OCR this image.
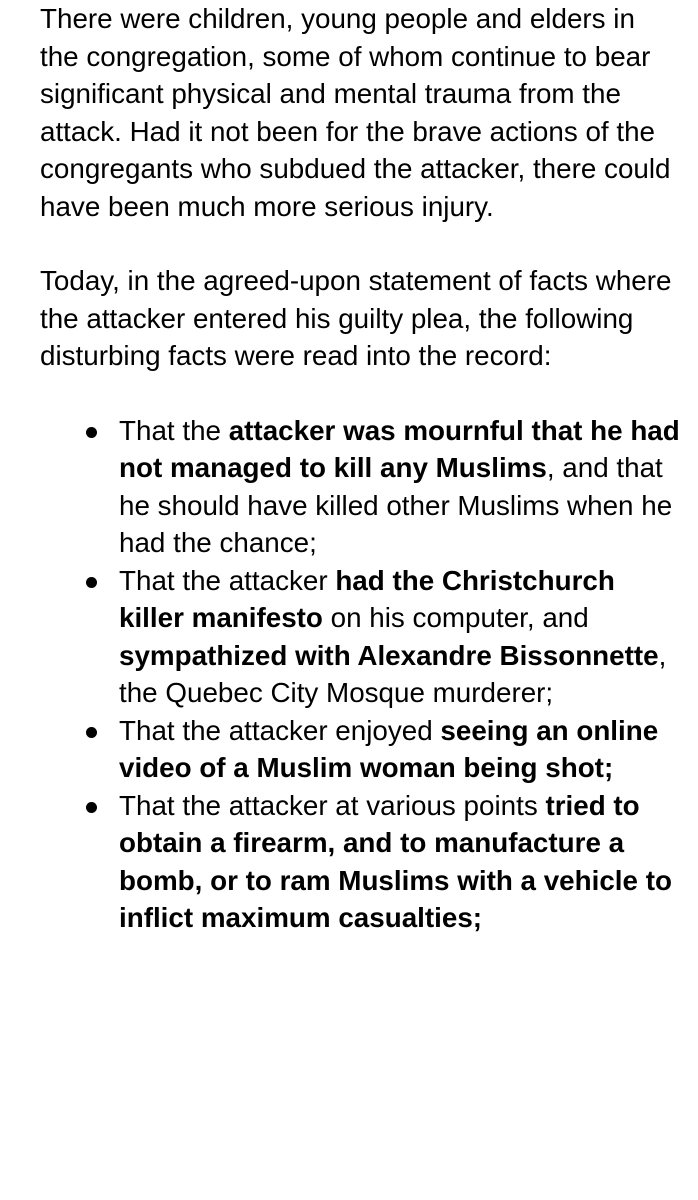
There were children, young people and elders in the congregation, some of whom continue to bear significant physical and mental trauma from the attack. Had it not been for the brave actions of the congregants who subdued the attacker, there could have been much more serious injury.

Today, in the agreed-upon statement of facts where the attacker entered his guilty plea, the following disturbing facts were read into the record:

That the attacker was mournful that he had not managed to kill any Muslims, and that he should have killed other Muslims when he had the chance;
That the attacker had the Christchurch killer manifesto on his computer, and sympathized with Alexandre Bissonnette, the Quebec City Mosque murderer;
That the attacker enjoyed seeing an online video of a Muslim woman being shot;
That the attacker at various points tried to obtain a firearm, and to manufacture a bomb, or to ram Muslims with a vehicle to inflict maximum casualties;
